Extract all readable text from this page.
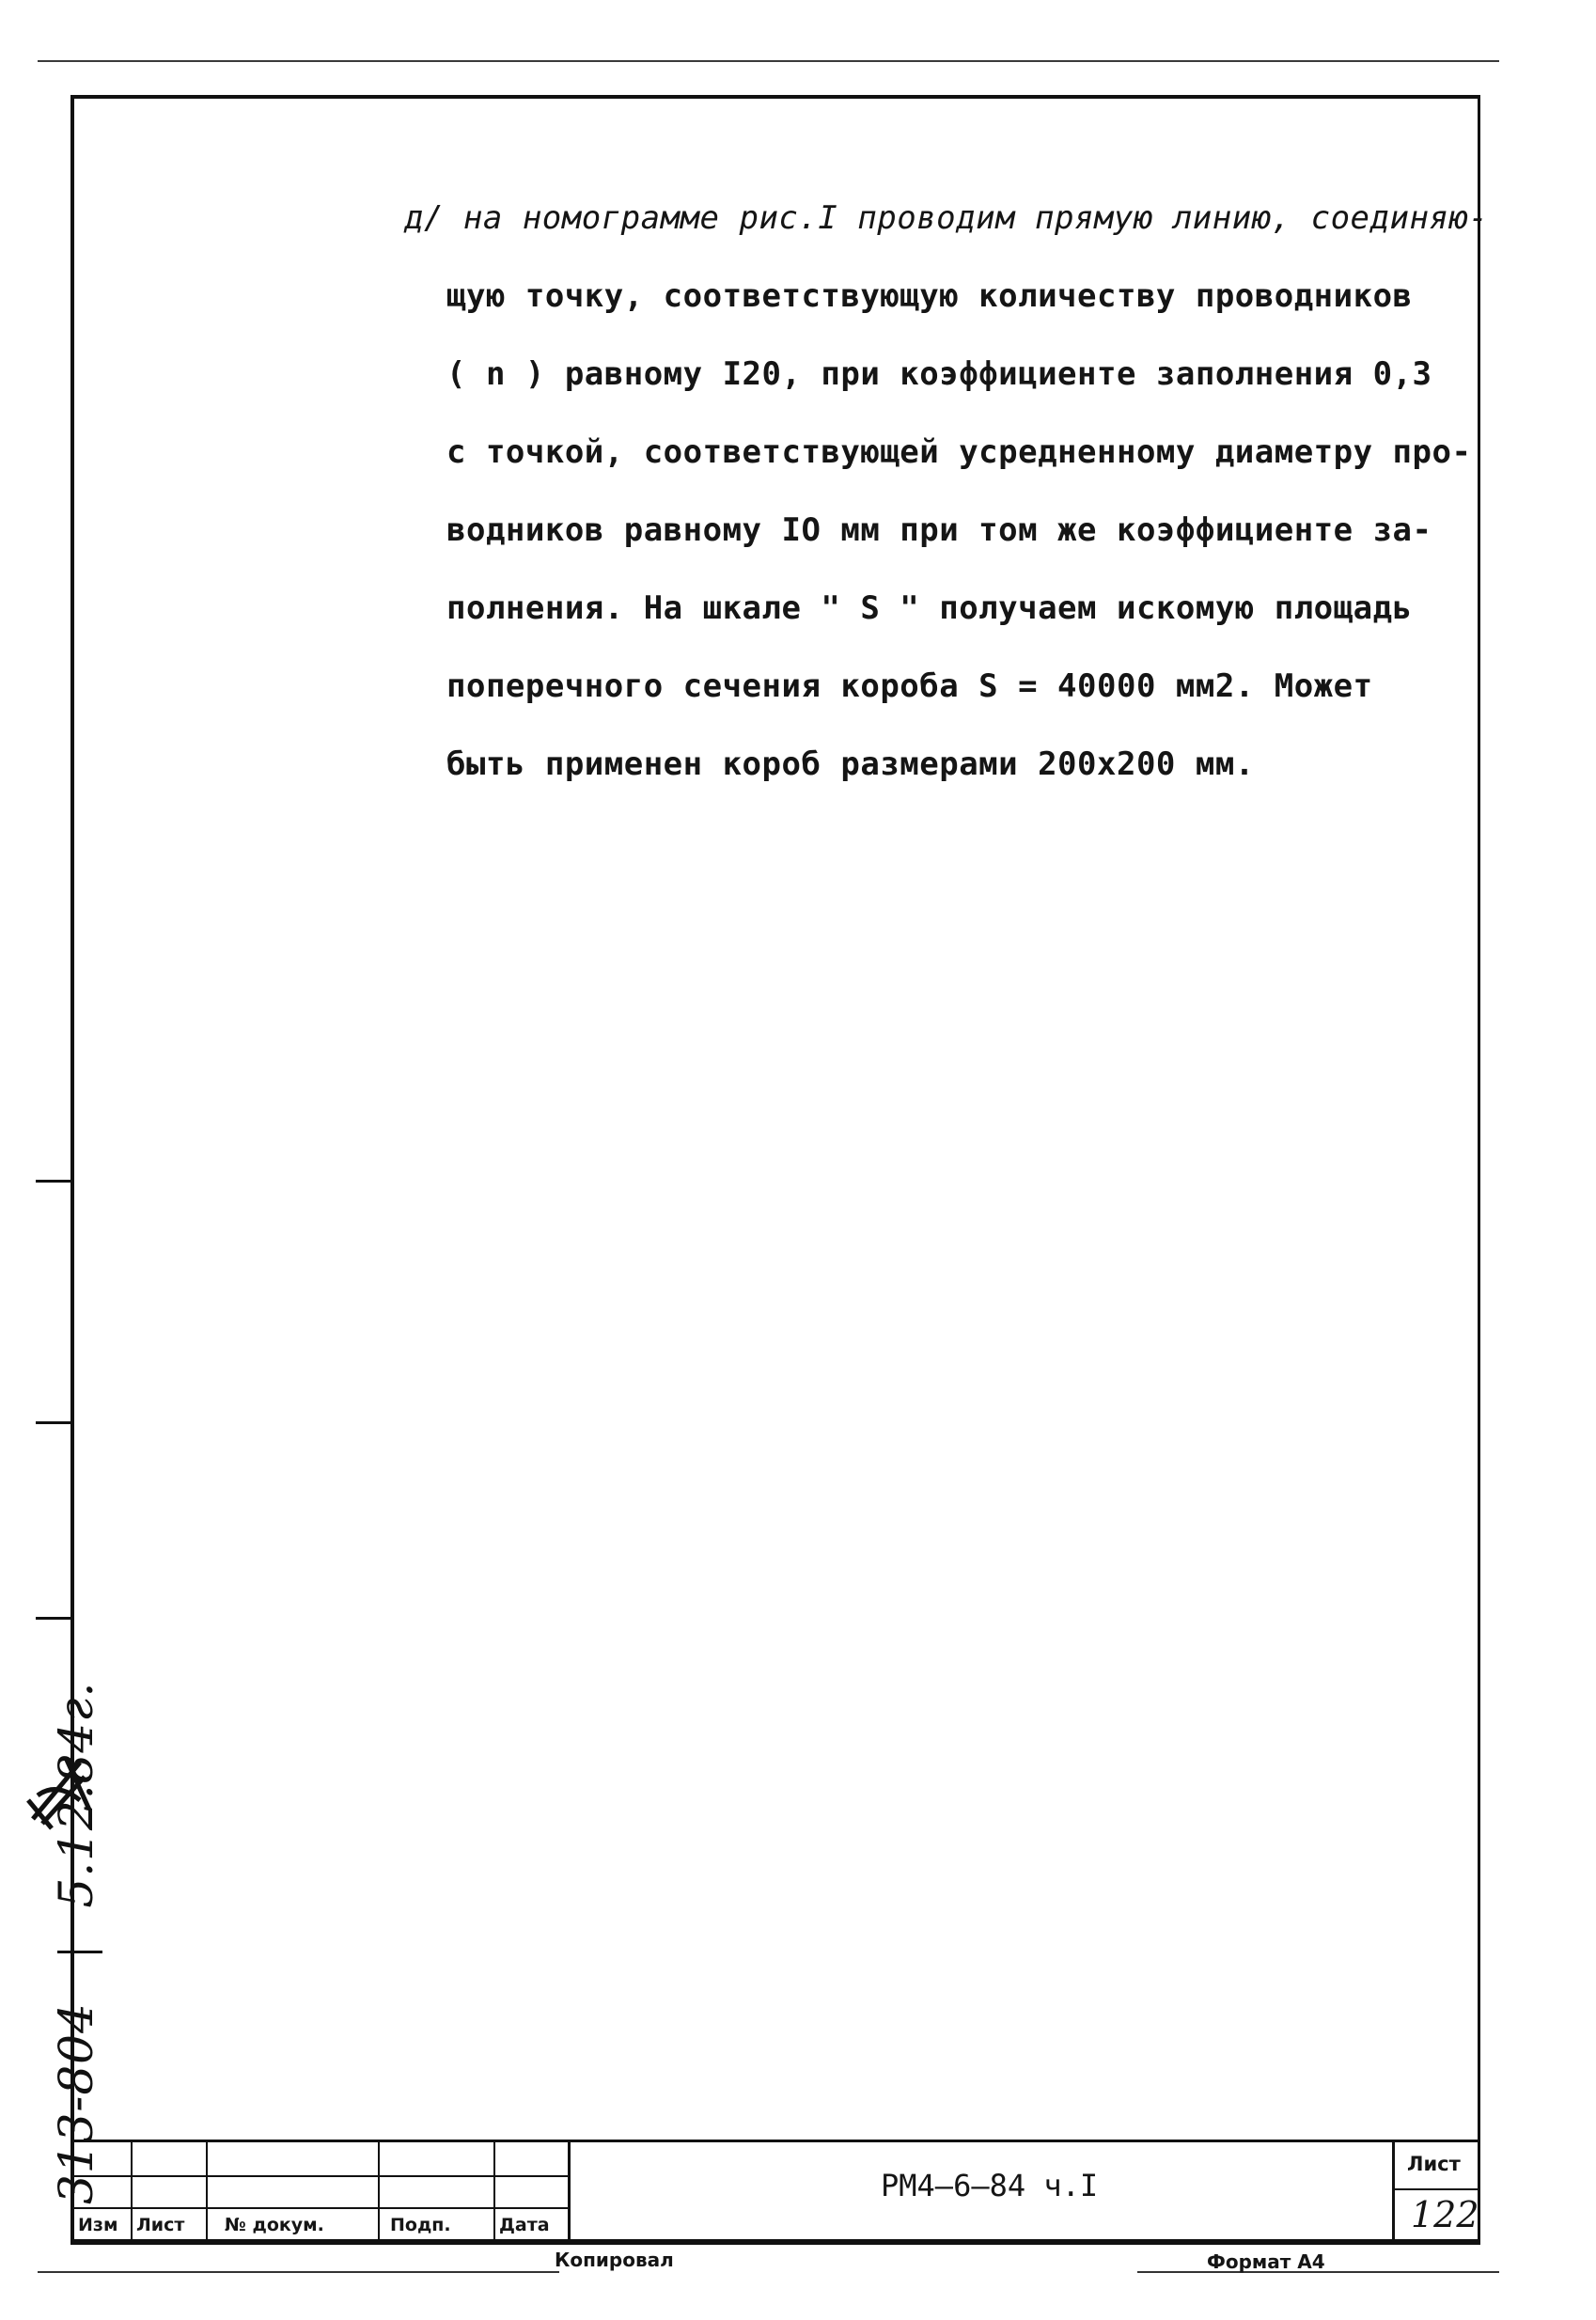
д/ на номограмме рис.I проводим прямую линию, соединяю-
щую точку, соответствующую количеству проводников
( n ) равному I20, при коэффициенте заполнения 0,3
с точкой, соответствующей усредненному диаметру про-
водников равному IO мм при том же коэффициенте за-
полнения. На шкале " S " получаем искомую площадь
поперечного сечения короба S = 40000 мм2. Может
быть применен короб размерами 200х200 мм.
313-804    5.12.84г.
Изм Лист № докум.	Подп.	Дата
РМ4–6–84 ч.I
Лист
122
Копировал	Формат А4
